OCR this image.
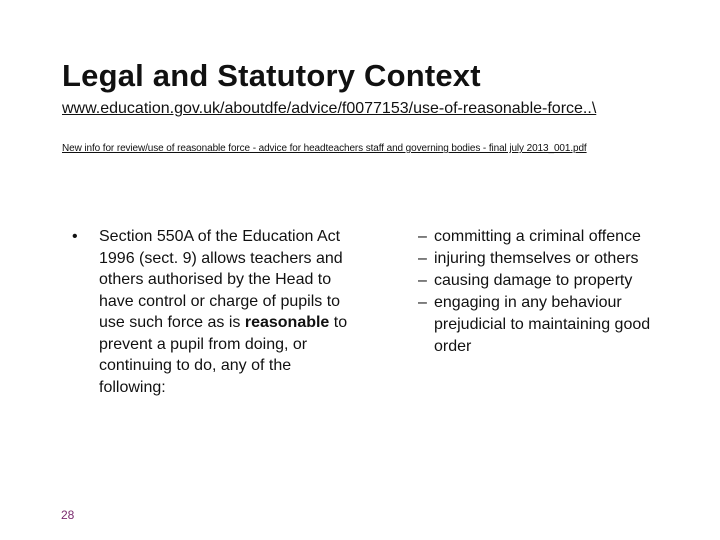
Legal and Statutory Context
www.education.gov.uk/aboutdfe/advice/f0077153/use-of-reasonable-force..\
New info for review/use of reasonable force - advice for headteachers staff and governing bodies - final july 2013_001.pdf
• Section 550A of the Education Act 1996 (sect. 9) allows teachers and others authorised by the Head to have control or charge of pupils to use such force as is reasonable to prevent a pupil from doing, or continuing to do, any of the following:
– committing a criminal offence
– injuring themselves or others
– causing damage to property
– engaging in any behaviour prejudicial to maintaining good order
28
